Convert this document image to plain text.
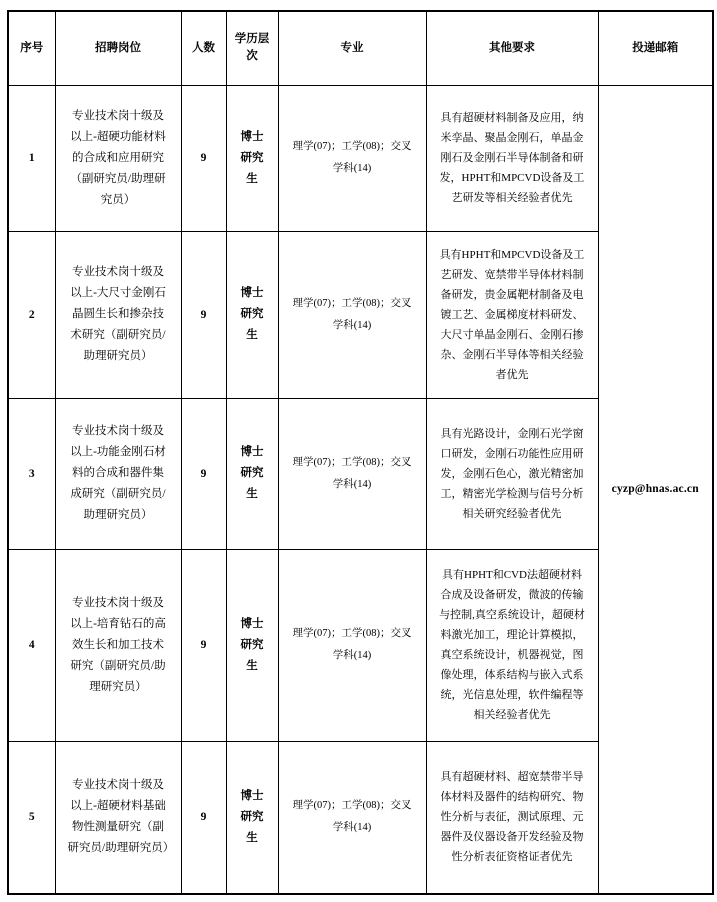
序号	招聘岗位	人数	学历层次	专业	其他要求	投递邮箱
1	专业技术岗十级及以上-超硬功能材料的合成和应用研究（副研究员/助理研究员）	9	博士研究生	理学(07)；工学(08)；交叉学科(14)	具有超硬材料制备及应用，纳米孪晶、聚晶金刚石，单晶金刚石及金刚石半导体制备和研发，HPHT和MPCVD设备及工艺研发等相关经验者优先	cyzp@hnas.ac.cn
2	专业技术岗十级及以上-大尺寸金刚石晶圆生长和掺杂技术研究（副研究员/助理研究员）	9	博士研究生	理学(07)；工学(08)；交叉学科(14)	具有HPHT和MPCVD设备及工艺研发、宽禁带半导体材料制备研发，贵金属靶材制备及电镀工艺、金属梯度材料研发、大尺寸单晶金刚石、金刚石掺杂、金刚石半导体等相关经验者优先	
3	专业技术岗十级及以上-功能金刚石材料的合成和器件集成研究（副研究员/助理研究员）	9	博士研究生	理学(07)；工学(08)；交叉学科(14)	具有光路设计，金刚石光学窗口研发，金刚石功能性应用研发，金刚石色心，激光精密加工，精密光学检测与信号分析相关研究经验者优先	
4	专业技术岗十级及以上-培育钻石的高效生长和加工技术研究（副研究员/助理研究员）	9	博士研究生	理学(07)；工学(08)；交叉学科(14)	具有HPHT和CVD法超硬材料合成及设备研发，微波的传输与控制,真空系统设计，超硬材料激光加工，理论计算模拟，真空系统设计，机器视觉，图像处理，体系结构与嵌入式系统，光信息处理，软件编程等相关经验者优先	
5	专业技术岗十级及以上-超硬材料基础物性测量研究（副研究员/助理研究员）	9	博士研究生	理学(07)；工学(08)；交叉学科(14)	具有超硬材料、超宽禁带半导体材料及器件的结构研究、物性分析与表征，测试原理、元器件及仪器设备开发经验及物性分析表征资格证者优先	
